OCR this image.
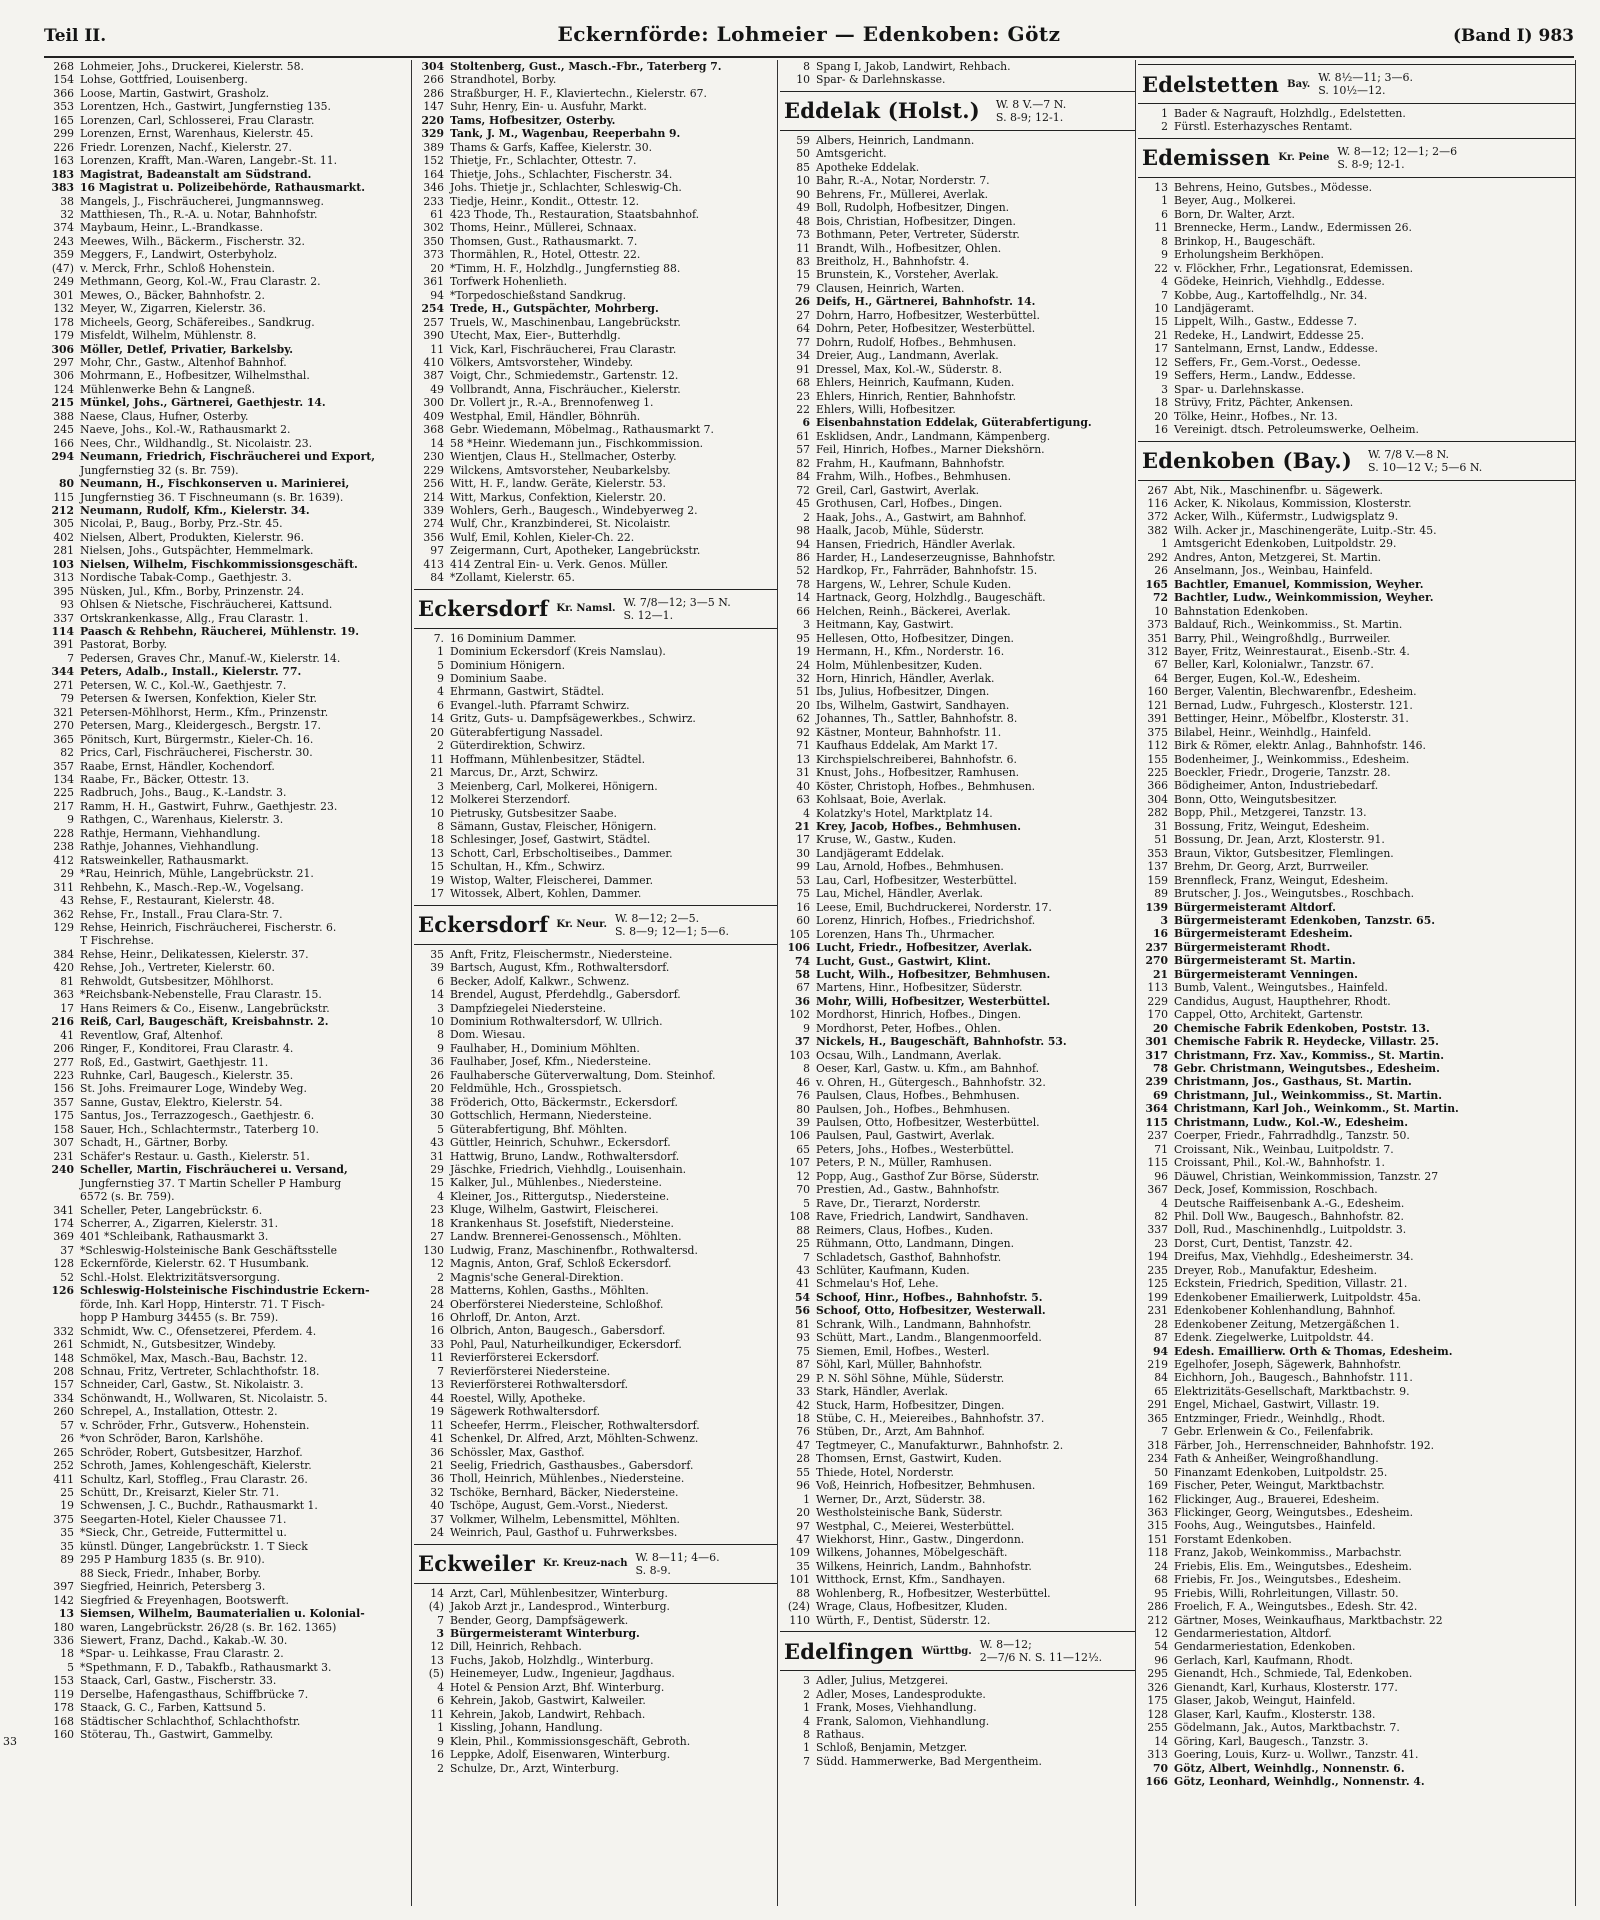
Teil II.	Eckernförde: Lohmeier — Edenkoben: Götz	(Band I) 983
268 Lohmeier, Johs., Druckerei, Kielerstr. 58.
154 Lohse, Gottfried, Louisenberg.
366 Loose, Martin, Gastwirt, Grasholz.
353 Lorentzen, Hch., Gastwirt, Jungfernstieg 135.
165 Lorenzen, Carl, Schlosserei, Frau Clarastr.
299 Lorenzen, Ernst, Warenhaus, Kielerstr. 45.
226 Friedr. Lorenzen, Nachf., Kielerstr. 27.
163 Lorenzen, Krafft, Man.-Waren, Langebr.-St. 11.
183 Magistrat, Badeanstalt am Südstrand.
383 16 Magistrat u. Polizeibehörde, Rathausmarkt.
38 Mangels, J., Fischräucherei, Jungmannsweg.
32 Matthiesen, Th., R.-A. u. Notar, Bahnhofstr.
374 Maybaum, Heinr., L.-Brandkasse.
243 Meewes, Wilh., Bäckerm., Fischerstr. 32.
359 Meggers, F., Landwirt, Osterbyholz.
(47) v. Merck, Frhr., Schloß Hohenstein.
249 Methmann, Georg, Kol.-W., Frau Clarastr. 2.
301 Mewes, O., Bäcker, Bahnhofstr. 2.
132 Meyer, W., Zigarren, Kielerstr. 36.
178 Micheels, Georg, Schäfereibes., Sandkrug.
179 Misfeldt, Wilhelm, Mühlenstr. 8.
306 Möller, Detlef, Privatier, Barkelsby.
297 Mohr, Chr., Gastw., Altenhof Bahnhof.
306 Mohrmann, E., Hofbesitzer, Wilhelmsthal.
124 Mühlenwerke Behn & Langneß.
215 Münkel, Johs., Gärtnerei, Gaethjestr. 14.
388 Naese, Claus, Hufner, Osterby.
245 Naeve, Johs., Kol.-W., Rathausmarkt 2.
166 Nees, Chr., Wildhandlg., St. Nicolaistr. 23.
294 Neumann, Friedrich, Fischräucherei und Export,
Jungfernstieg 32 (s. Br. 759).
80 Neumann, H., Fischkonserven u. Marinierei,
115 Jungfernstieg 36. T Fischneumann (s. Br. 1639).
212 Neumann, Rudolf, Kfm., Kielerstr. 34.
305 Nicolai, P., Baug., Borby, Prz.-Str. 45.
402 Nielsen, Albert, Produkten, Kielerstr. 96.
281 Nielsen, Johs., Gutspächter, Hemmelmark.
103 Nielsen, Wilhelm, Fischkommissionsgeschäft.
313 Nordische Tabak-Comp., Gaethjestr. 3.
395 Nüsken, Jul., Kfm., Borby, Prinzenstr. 24.
93 Ohlsen & Nietsche, Fischräucherei, Kattsund.
337 Ortskrankenkasse, Allg., Frau Clarastr. 1.
114 Paasch & Rehbehn, Räucherei, Mühlenstr. 19.
391 Pastorat, Borby.
7 Pedersen, Graves Chr., Manuf.-W., Kielerstr. 14.
344 Peters, Adalb., Install., Kielerstr. 77.
271 Petersen, W. C., Kol.-W., Gaethjestr. 7.
79 Petersen & Iwersen, Konfektion, Kieler Str.
321 Petersen-Möhlhorst, Herm., Kfm., Prinzenstr.
270 Petersen, Marg., Kleidergesch., Bergstr. 17.
365 Pönitsch, Kurt, Bürgermstr., Kieler-Ch. 16.
82 Prics, Carl, Fischräucherei, Fischerstr. 30.
357 Raabe, Ernst, Händler, Kochendorf.
134 Raabe, Fr., Bäcker, Ottestr. 13.
225 Radbruch, Johs., Baug., K.-Landstr. 3.
217 Ramm, H. H., Gastwirt, Fuhrw., Gaethjestr. 23.
9 Rathgen, C., Warenhaus, Kielerstr. 3.
228 Rathje, Hermann, Viehhandlung.
238 Rathje, Johannes, Viehhandlung.
412 Ratsweinkeller, Rathausmarkt.
29 *Rau, Heinrich, Mühle, Langebrückstr. 21.
311 Rehbehn, K., Masch.-Rep.-W., Vogelsang.
43 Rehse, F., Restaurant, Kielerstr. 48.
362 Rehse, Fr., Install., Frau Clara-Str. 7.
129 Rehse, Heinrich, Fischräucherei, Fischerstr. 6.
T Fischrehse.
384 Rehse, Heinr., Delikatessen, Kielerstr. 37.
420 Rehse, Joh., Vertreter, Kielerstr. 60.
81 Rehwoldt, Gutsbesitzer, Möhlhorst.
363 *Reichsbank-Nebenstelle, Frau Clarastr. 15.
17 Hans Reimers & Co., Eisenw., Langebrückstr.
216 Reiß, Carl, Baugeschäft, Kreisbahnstr. 2.
41 Reventlow, Graf, Altenhof.
206 Ringer, F., Konditorei, Frau Clarastr. 4.
277 Roß, Ed., Gastwirt, Gaethjestr. 11.
223 Ruhnke, Carl, Baugesch., Kielerstr. 35.
156 St. Johs. Freimaurer Loge, Windeby Weg.
357 Sanne, Gustav, Elektro, Kielerstr. 54.
175 Santus, Jos., Terrazzogesch., Gaethjestr. 6.
158 Sauer, Hch., Schlachtermstr., Taterberg 10.
307 Schadt, H., Gärtner, Borby.
231 Schäfer's Restaur. u. Gasth., Kielerstr. 51.
240 Scheller, Martin, Fischräucherei u. Versand,
Jungfernstieg 37. T Martin Scheller P Hamburg
6572 (s. Br. 759).
341 Scheller, Peter, Langebrückstr. 6.
174 Scherrer, A., Zigarren, Kielerstr. 31.
369 401 *Schleibank, Rathausmarkt 3.
37 *Schleswig-Holsteinische Bank Geschäftsstelle
128 Eckernförde, Kielerstr. 62. T Husumbank.
52 Schl.-Holst. Elektrizitätsversorgung.
126 Schleswig-Holsteinische Fischindustrie Eckern-
förde, Inh. Karl Hopp, Hinterstr. 71. T Fisch-
hopp P Hamburg 34455 (s. Br. 759).
332 Schmidt, Ww. C., Ofensetzerei, Pferdem. 4.
261 Schmidt, N., Gutsbesitzer, Windeby.
148 Schmökel, Max, Masch.-Bau, Bachstr. 12.
208 Schnau, Fritz, Vertreter, Schlachthofstr. 18.
157 Schneider, Carl, Gastw., St. Nikolaistr. 3.
334 Schönwandt, H., Wollwaren, St. Nicolaistr. 5.
260 Schrepel, A., Installation, Ottestr. 2.
57 v. Schröder, Frhr., Gutsverw., Hohenstein.
26 *von Schröder, Baron, Karlshöhe.
265 Schröder, Robert, Gutsbesitzer, Harzhof.
252 Schroth, James, Kohlengeschäft, Kielerstr.
411 Schultz, Karl, Stoffleg., Frau Clarastr. 26.
25 Schütt, Dr., Kreisarzt, Kieler Str. 71.
19 Schwensen, J. C., Buchdr., Rathausmarkt 1.
375 Seegarten-Hotel, Kieler Chaussee 71.
35 *Sieck, Chr., Getreide, Futtermittel u.
35 künstl. Dünger, Langebrückstr. 1. T Sieck
89 295 P Hamburg 1835 (s. Br. 910).
88 Sieck, Friedr., Inhaber, Borby.
397 Siegfried, Heinrich, Petersberg 3.
142 Siegfried & Freyenhagen, Bootswerft.
13 Siemsen, Wilhelm, Baumaterialien u. Kolonial-
180 waren, Langebrückstr. 26/28 (s. Br. 162. 1365)
336 Siewert, Franz, Dachd., Kakab.-W. 30.
18 *Spar- u. Leihkasse, Frau Clarastr. 2.
5 *Spethmann, F. D., Tabakfb., Rathausmarkt 3.
153 Staack, Carl, Gastw., Fischerstr. 33.
119 Derselbe, Hafengasthaus, Schiffbrücke 7.
178 Staack, G. C., Farben, Kattsund 5.
168 Städtischer Schlachthof, Schlachthofstr.
160 Stöterau, Th., Gastwirt, Gammelby.
304 Stoltenberg, Gust., Masch.-Fbr., Taterberg 7.
266 Strandhotel, Borby.
286 Straßburger, H. F., Klaviertechn., Kielerstr. 67.
147 Suhr, Henry, Ein- u. Ausfuhr, Markt.
220 Tams, Hofbesitzer, Osterby.
329 Tank, J. M., Wagenbau, Reeperbahn 9.
389 Thams & Garfs, Kaffee, Kielerstr. 30.
152 Thietje, Fr., Schlachter, Ottestr. 7.
164 Thietje, Johs., Schlachter, Fischerstr. 34.
346 Johs. Thietje jr., Schlachter, Schleswig-Ch.
233 Tiedje, Heinr., Kondit., Ottestr. 12.
61 423 Thode, Th., Restauration, Staatsbahnhof.
302 Thoms, Heinr., Müllerei, Schnaax.
350 Thomsen, Gust., Rathausmarkt. 7.
373 Thormählen, R., Hotel, Ottestr. 22.
20 *Timm, H. F., Holzhdlg., Jungfernstieg 88.
361 Torfwerk Hohenlieth.
94 *Torpedoschießstand Sandkrug.
254 Trede, H., Gutspächter, Mohrberg.
257 Truels, W., Maschinenbau, Langebrückstr.
390 Utecht, Max, Eier-, Butterhdlg.
11 Vick, Karl, Fischräucherei, Frau Clarastr.
410 Völkers, Amtsvorsteher, Windeby.
387 Voigt, Chr., Schmiedemstr., Gartenstr. 12.
49 Vollbrandt, Anna, Fischräucher., Kielerstr.
300 Dr. Vollert jr., R.-A., Brennofenweg 1.
409 Westphal, Emil, Händler, Böhnrüh.
368 Gebr. Wiedemann, Möbelmag., Rathausmarkt 7.
14 58 *Heinr. Wiedemann jun., Fischkommission.
230 Wientjen, Claus H., Stellmacher, Osterby.
229 Wilckens, Amtsvorsteher, Neubarkelsby.
256 Witt, H. F., landw. Geräte, Kielerstr. 53.
214 Witt, Markus, Confektion, Kielerstr. 20.
339 Wohlers, Gerh., Baugesch., Windebyerweg 2.
274 Wulf, Chr., Kranzbinderei, St. Nicolaistr.
356 Wulf, Emil, Kohlen, Kieler-Ch. 22.
97 Zeigermann, Curt, Apotheker, Langebrückstr.
413 414 Zentral Ein- u. Verk. Genos. Müller.
84 *Zollamt, Kielerstr. 65.
Eckersdorf Kr. Namsl. W. 7/8—12; 3—5 N.
S. 12—1.
7. 16 Dominium Dammer.
1 Dominium Eckersdorf (Kreis Namslau).
5 Dominium Hönigern.
9 Dominium Saabe.
4 Ehrmann, Gastwirt, Städtel.
6 Evangel.-luth. Pfarramt Schwirz.
14 Gritz, Guts- u. Dampfsägewerkbes., Schwirz.
20 Güterabfertigung Nassadel.
2 Güterdirektion, Schwirz.
11 Hoffmann, Mühlenbesitzer, Städtel.
21 Marcus, Dr., Arzt, Schwirz.
3 Meienberg, Carl, Molkerei, Hönigern.
12 Molkerei Sterzendorf.
10 Pietrusky, Gutsbesitzer Saabe.
8 Sämann, Gustav, Fleischer, Hönigern.
18 Schlesinger, Josef, Gastwirt, Städtel.
13 Schott, Carl, Erbscholtiseibes., Dammer.
15 Schultan, H., Kfm., Schwirz.
19 Wistop, Walter, Fleischerei, Dammer.
17 Witossek, Albert, Kohlen, Dammer.
Eckersdorf Kr. Neur. W. 8—12; 2—5.
S. 8—9; 12—1; 5—6.
35 Anft, Fritz, Fleischermstr., Niedersteine.
39 Bartsch, August, Kfm., Rothwaltersdorf.
6 Becker, Adolf, Kalkwr., Schwenz.
14 Brendel, August, Pferdehdlg., Gabersdorf.
3 Dampfziegelei Niedersteine.
10 Dominium Rothwaltersdorf, W. Ullrich.
8 Dom. Wiesau.
9 Faulhaber, H., Dominium Möhlten.
36 Faulhaber, Josef, Kfm., Niedersteine.
26 Faulhabersche Güterverwaltung, Dom. Steinhof.
20 Feldmühle, Hch., Grosspietsch.
38 Fröderich, Otto, Bäckermstr., Eckersdorf.
30 Gottschlich, Hermann, Niedersteine.
5 Güterabfertigung, Bhf. Möhlten.
43 Güttler, Heinrich, Schuhwr., Eckersdorf.
31 Hattwig, Bruno, Landw., Rothwaltersdorf.
29 Jäschke, Friedrich, Viehhdlg., Louisenhain.
15 Kalker, Jul., Mühlenbes., Niedersteine.
4 Kleiner, Jos., Rittergutsp., Niedersteine.
23 Kluge, Wilhelm, Gastwirt, Fleischerei.
18 Krankenhaus St. Josefstift, Niedersteine.
27 Landw. Brennerei-Genossensch., Möhlten.
130 Ludwig, Franz, Maschinenfbr., Rothwaltersd.
12 Magnis, Anton, Graf, Schloß Eckersdorf.
2 Magnis'sche General-Direktion.
28 Matterns, Kohlen, Gasths., Möhlten.
24 Oberförsterei Niedersteine, Schloßhof.
16 Ohrloff, Dr. Anton, Arzt.
16 Olbrich, Anton, Baugesch., Gabersdorf.
33 Pohl, Paul, Naturheilkundiger, Eckersdorf.
11 Revierförsterei Eckersdorf.
7 Revierförsterei Niedersteine.
13 Revierförsterei Rothwaltersdorf.
44 Roestel, Willy, Apotheke.
19 Sägewerk Rothwaltersdorf.
11 Scheefer, Herrm., Fleischer, Rothwaltersdorf.
41 Schenkel, Dr. Alfred, Arzt, Möhlten-Schwenz.
36 Schössler, Max, Gasthof.
21 Seelig, Friedrich, Gasthausbes., Gabersdorf.
36 Tholl, Heinrich, Mühlenbes., Niedersteine.
32 Tschöke, Bernhard, Bäcker, Niedersteine.
40 Tschöpe, August, Gem.-Vorst., Niederst.
37 Volkmer, Wilhelm, Lebensmittel, Möhlten.
24 Weinrich, Paul, Gasthof u. Fuhrwerksbes.
Eckweiler Kr. Kreuz-nach W. 8—11; 4—6.
S. 8-9.
14 Arzt, Carl, Mühlenbesitzer, Winterburg.
(4) Jakob Arzt jr., Landesprod., Winterburg.
7 Bender, Georg, Dampfsägewerk.
3 Bürgermeisteramt Winterburg.
12 Dill, Heinrich, Rehbach.
13 Fuchs, Jakob, Holzhdlg., Winterburg.
(5) Heinemeyer, Ludw., Ingenieur, Jagdhaus.
4 Hotel & Pension Arzt, Bhf. Winterburg.
6 Kehrein, Jakob, Gastwirt, Kalweiler.
11 Kehrein, Jakob, Landwirt, Rehbach.
1 Kissling, Johann, Handlung.
9 Klein, Phil., Kommissionsgeschäft, Gebroth.
16 Leppke, Adolf, Eisenwaren, Winterburg.
2 Schulze, Dr., Arzt, Winterburg.
8 Spang I, Jakob, Landwirt, Rehbach.
10 Spar- & Darlehnskasse.
Eddelak (Holst.) W. 8 V.—7 N.
S. 8-9; 12-1.
59 Albers, Heinrich, Landmann.
50 Amtsgericht.
85 Apotheke Eddelak.
10 Bahr, R.-A., Notar, Norderstr. 7.
90 Behrens, Fr., Müllerei, Averlak.
49 Boll, Rudolph, Hofbesitzer, Dingen.
48 Bois, Christian, Hofbesitzer, Dingen.
73 Bothmann, Peter, Vertreter, Süderstr.
11 Brandt, Wilh., Hofbesitzer, Ohlen.
83 Breitholz, H., Bahnhofstr. 4.
15 Brunstein, K., Vorsteher, Averlak.
79 Clausen, Heinrich, Warten.
26 Deifs, H., Gärtnerei, Bahnhofstr. 14.
27 Dohrn, Harro, Hofbesitzer, Westerbüttel.
64 Dohrn, Peter, Hofbesitzer, Westerbüttel.
77 Dohrn, Rudolf, Hofbes., Behmhusen.
34 Dreier, Aug., Landmann, Averlak.
91 Dressel, Max, Kol.-W., Süderstr. 8.
68 Ehlers, Heinrich, Kaufmann, Kuden.
23 Ehlers, Hinrich, Rentier, Bahnhofstr.
22 Ehlers, Willi, Hofbesitzer.
6 Eisenbahnstation Eddelak, Güterabfertigung.
61 Esklidsen, Andr., Landmann, Kämpenberg.
57 Feil, Hinrich, Hofbes., Marner Diekshörn.
82 Frahm, H., Kaufmann, Bahnhofstr.
84 Frahm, Wilh., Hofbes., Behmhusen.
72 Greil, Carl, Gastwirt, Averlak.
45 Grothusen, Carl, Hofbes., Dingen.
2 Haak, Johs., A., Gastwirt, am Bahnhof.
98 Haalk, Jacob, Mühle, Süderstr.
94 Hansen, Friedrich, Händler Averlak.
86 Harder, H., Landeserzeugnisse, Bahnhofstr.
52 Hardkop, Fr., Fahrräder, Bahnhofstr. 15.
78 Hargens, W., Lehrer, Schule Kuden.
14 Hartnack, Georg, Holzhdlg., Baugeschäft.
66 Helchen, Reinh., Bäckerei, Averlak.
3 Heitmann, Kay, Gastwirt.
95 Hellesen, Otto, Hofbesitzer, Dingen.
19 Hermann, H., Kfm., Norderstr. 16.
24 Holm, Mühlenbesitzer, Kuden.
32 Horn, Hinrich, Händler, Averlak.
51 Ibs, Julius, Hofbesitzer, Dingen.
20 Ibs, Wilhelm, Gastwirt, Sandhayen.
62 Johannes, Th., Sattler, Bahnhofstr. 8.
92 Kästner, Monteur, Bahnhofstr. 11.
71 Kaufhaus Eddelak, Am Markt 17.
13 Kirchspielschreiberei, Bahnhofstr. 6.
31 Knust, Johs., Hofbesitzer, Ramhusen.
40 Köster, Christoph, Hofbes., Behmhusen.
63 Kohlsaat, Boie, Averlak.
4 Kolatzky's Hotel, Marktplatz 14.
21 Krey, Jacob, Hofbes., Behmhusen.
17 Kruse, W., Gastw., Kuden.
30 Landjägeramt Eddelak.
99 Lau, Arnold, Hofbes., Behmhusen.
53 Lau, Carl, Hofbesitzer, Westerbüttel.
75 Lau, Michel, Händler, Averlak.
16 Leese, Emil, Buchdruckerei, Norderstr. 17.
60 Lorenz, Hinrich, Hofbes., Friedrichshof.
105 Lorenzen, Hans Th., Uhrmacher.
106 Lucht, Friedr., Hofbesitzer, Averlak.
74 Lucht, Gust., Gastwirt, Klint.
58 Lucht, Wilh., Hofbesitzer, Behmhusen.
67 Martens, Hinr., Hofbesitzer, Süderstr.
36 Mohr, Willi, Hofbesitzer, Westerbüttel.
102 Mordhorst, Hinrich, Hofbes., Dingen.
9 Mordhorst, Peter, Hofbes., Ohlen.
37 Nickels, H., Baugeschäft, Bahnhofstr. 53.
103 Ocsau, Wilh., Landmann, Averlak.
8 Oeser, Karl, Gastw. u. Kfm., am Bahnhof.
46 v. Ohren, H., Gütergesch., Bahnhofstr. 32.
76 Paulsen, Claus, Hofbes., Behmhusen.
80 Paulsen, Joh., Hofbes., Behmhusen.
39 Paulsen, Otto, Hofbesitzer, Westerbüttel.
106 Paulsen, Paul, Gastwirt, Averlak.
65 Peters, Johs., Hofbes., Westerbüttel.
107 Peters, P. N., Müller, Ramhusen.
12 Popp, Aug., Gasthof Zur Börse, Süderstr.
70 Prestien, Ad., Gastw., Bahnhofstr.
5 Rave, Dr., Tierarzt, Norderstr.
108 Rave, Friedrich, Landwirt, Sandhaven.
88 Reimers, Claus, Hofbes., Kuden.
25 Rühmann, Otto, Landmann, Dingen.
7 Schladetsch, Gasthof, Bahnhofstr.
43 Schlüter, Kaufmann, Kuden.
41 Schmelau's Hof, Lehe.
54 Schoof, Hinr., Hofbes., Bahnhofstr. 5.
56 Schoof, Otto, Hofbesitzer, Westerwall.
81 Schrank, Wilh., Landmann, Bahnhofstr.
93 Schütt, Mart., Landm., Blangenmoorfeld.
75 Siemen, Emil, Hofbes., Westerl.
87 Söhl, Karl, Müller, Bahnhofstr.
29 P. N. Söhl Söhne, Mühle, Süderstr.
33 Stark, Händler, Averlak.
42 Stuck, Harm, Hofbesitzer, Dingen.
18 Stübe, C. H., Meiereibes., Bahnhofstr. 37.
76 Stüben, Dr., Arzt, Am Bahnhof.
47 Tegtmeyer, C., Manufakturwr., Bahnhofstr. 2.
28 Thomsen, Ernst, Gastwirt, Kuden.
55 Thiede, Hotel, Norderstr.
96 Voß, Heinrich, Hofbesitzer, Behmhusen.
1 Werner, Dr., Arzt, Süderstr. 38.
20 Westholsteinische Bank, Süderstr.
97 Westphal, C., Meierei, Westerbüttel.
47 Wiekhorst, Hinr., Gastw., Dingerdonn.
109 Wilkens, Johannes, Möbelgeschäft.
35 Wilkens, Heinrich, Landm., Bahnhofstr.
101 Witthock, Ernst, Kfm., Sandhayen.
88 Wohlenberg, R., Hofbesitzer, Westerbüttel.
(24) Wrage, Claus, Hofbesitzer, Kluden.
110 Würth, F., Dentist, Süderstr. 12.
Edelfingen Württbg. W. 8—12;
2—7/6 N. S. 11—12½.
3 Adler, Julius, Metzgerei.
2 Adler, Moses, Landesprodukte.
1 Frank, Moses, Viehhandlung.
4 Frank, Salomon, Viehhandlung.
8 Rathaus.
1 Schloß, Benjamin, Metzger.
7 Südd. Hammerwerke, Bad Mergentheim.
Edelstetten Bay. W. 8½—11; 3—6.
S. 10½—12.
1 Bader & Nagrauft, Holzhdlg., Edelstetten.
2 Fürstl. Esterhazysches Rentamt.
Edemissen Kr. Peine W. 8—12; 12—1; 2—6
S. 8-9; 12-1.
13 Behrens, Heino, Gutsbes., Mödesse.
1 Beyer, Aug., Molkerei.
6 Born, Dr. Walter, Arzt.
11 Brennecke, Herm., Landw., Edermissen 26.
8 Brinkop, H., Baugeschäft.
9 Erholungsheim Berkhöpen.
22 v. Flöckher, Frhr., Legationsrat, Edemissen.
4 Gödeke, Heinrich, Viehhdlg., Eddesse.
7 Kobbe, Aug., Kartoffelhdlg., Nr. 34.
10 Landjägeramt.
15 Lippelt, Wilh., Gastw., Eddesse 7.
21 Redeke, H., Landwirt, Eddesse 25.
17 Santelmann, Ernst, Landw., Eddesse.
12 Seffers, Fr., Gem.-Vorst., Oedesse.
19 Seffers, Herm., Landw., Eddesse.
3 Spar- u. Darlehnskasse.
18 Strüvy, Fritz, Pächter, Ankensen.
20 Tölke, Heinr., Hofbes., Nr. 13.
16 Vereinigt. dtsch. Petroleumswerke, Oelheim.
Edenkoben (Bay.) W. 7/8 V.—8 N.
S. 10—12 V.; 5—6 N.
267 Abt, Nik., Maschinenfbr. u. Sägewerk.
116 Acker, K. Nikolaus, Kommission, Klosterstr.
372 Acker, Wilh., Küfermstr., Ludwigsplatz 9.
382 Wilh. Acker jr., Maschinengeräte, Luitp.-Str. 45.
1 Amtsgericht Edenkoben, Luitpoldstr. 29.
292 Andres, Anton, Metzgerei, St. Martin.
26 Anselmann, Jos., Weinbau, Hainfeld.
165 Bachtler, Emanuel, Kommission, Weyher.
72 Bachtler, Ludw., Weinkommission, Weyher.
10 Bahnstation Edenkoben.
373 Baldauf, Rich., Weinkommiss., St. Martin.
351 Barry, Phil., Weingroßhdlg., Burrweiler.
312 Bayer, Fritz, Weinrestaurat., Eisenb.-Str. 4.
67 Beller, Karl, Kolonialwr., Tanzstr. 67.
64 Berger, Eugen, Kol.-W., Edesheim.
160 Berger, Valentin, Blechwarenfbr., Edesheim.
121 Bernad, Ludw., Fuhrgesch., Klosterstr. 121.
391 Bettinger, Heinr., Möbelfbr., Klosterstr. 31.
375 Bilabel, Heinr., Weinhdlg., Hainfeld.
112 Birk & Römer, elektr. Anlag., Bahnhofstr. 146.
155 Bodenheimer, J., Weinkommiss., Edesheim.
225 Boeckler, Friedr., Drogerie, Tanzstr. 28.
366 Bödigheimer, Anton, Industriebedarf.
304 Bonn, Otto, Weingutsbesitzer.
282 Bopp, Phil., Metzgerei, Tanzstr. 13.
31 Bossung, Fritz, Weingut, Edesheim.
51 Bossung, Dr. Jean, Arzt, Klosterstr. 91.
353 Braun, Viktor, Gutsbesitzer, Flemlingen.
137 Brehm, Dr. Georg, Arzt, Burrweiler.
159 Brennfleck, Franz, Weingut, Edesheim.
89 Brutscher, J. Jos., Weingutsbes., Roschbach.
139 Bürgermeisteramt Altdorf.
3 Bürgermeisteramt Edenkoben, Tanzstr. 65.
16 Bürgermeisteramt Edesheim.
237 Bürgermeisteramt Rhodt.
270 Bürgermeisteramt St. Martin.
21 Bürgermeisteramt Venningen.
113 Bumb, Valent., Weingutsbes., Hainfeld.
229 Candidus, August, Haupthehrer, Rhodt.
170 Cappel, Otto, Architekt, Gartenstr.
20 Chemische Fabrik Edenkoben, Poststr. 13.
301 Chemische Fabrik R. Heydecke, Villastr. 25.
317 Christmann, Frz. Xav., Kommiss., St. Martin.
78 Gebr. Christmann, Weingutsbes., Edesheim.
239 Christmann, Jos., Gasthaus, St. Martin.
69 Christmann, Jul., Weinkommiss., St. Martin.
364 Christmann, Karl Joh., Weinkomm., St. Martin.
115 Christmann, Ludw., Kol.-W., Edesheim.
237 Coerper, Friedr., Fahrradhdlg., Tanzstr. 50.
71 Croissant, Nik., Weinbau, Luitpoldstr. 7.
115 Croissant, Phil., Kol.-W., Bahnhofstr. 1.
96 Däuwel, Christian, Weinkommission, Tanzstr. 27
367 Deck, Josef, Kommission, Roschbach.
4 Deutsche Raiffeisenbank A.-G., Edesheim.
82 Phil. Doll Ww., Baugesch., Bahnhofstr. 82.
337 Doll, Rud., Maschinenhdlg., Luitpoldstr. 3.
23 Dorst, Curt, Dentist, Tanzstr. 42.
194 Dreifus, Max, Viehhdlg., Edesheimerstr. 34.
235 Dreyer, Rob., Manufaktur, Edesheim.
125 Eckstein, Friedrich, Spedition, Villastr. 21.
199 Edenkobener Emailierwerk, Luitpoldstr. 45a.
231 Edenkobener Kohlenhandlung, Bahnhof.
28 Edenkobener Zeitung, Metzergäßchen 1.
87 Edenk. Ziegelwerke, Luitpoldstr. 44.
94 Edesh. Emaillierw. Orth & Thomas, Edesheim.
219 Egelhofer, Joseph, Sägewerk, Bahnhofstr.
84 Eichhorn, Joh., Baugesch., Bahnhofstr. 111.
65 Elektrizitäts-Gesellschaft, Marktbachstr. 9.
291 Engel, Michael, Gastwirt, Villastr. 19.
365 Entzminger, Friedr., Weinhdlg., Rhodt.
7 Gebr. Erlenwein & Co., Feilenfabrik.
318 Färber, Joh., Herrenschneider, Bahnhofstr. 192.
234 Fath & Anheißer, Weingroßhandlung.
50 Finanzamt Edenkoben, Luitpoldstr. 25.
169 Fischer, Peter, Weingut, Marktbachstr.
162 Flickinger, Aug., Brauerei, Edesheim.
363 Flickinger, Georg, Weingutsbes., Edesheim.
315 Foohs, Aug., Weingutsbes., Hainfeld.
151 Forstamt Edenkoben.
118 Franz, Jakob, Weinkommiss., Marbachstr.
24 Friebis, Elis. Em., Weingutsbes., Edesheim.
68 Friebis, Fr. Jos., Weingutsbes., Edesheim.
95 Friebis, Willi, Rohrleitungen, Villastr. 50.
286 Froelich, F. A., Weingutsbes., Edesh. Str. 42.
212 Gärtner, Moses, Weinkaufhaus, Marktbachstr. 22
12 Gendarmeriestation, Altdorf.
54 Gendarmeriestation, Edenkoben.
96 Gerlach, Karl, Kaufmann, Rhodt.
295 Gienandt, Hch., Schmiede, Tal, Edenkoben.
326 Gienandt, Karl, Kurhaus, Klosterstr. 177.
175 Glaser, Jakob, Weingut, Hainfeld.
128 Glaser, Karl, Kaufm., Klosterstr. 138.
255 Gödelmann, Jak., Autos, Marktbachstr. 7.
14 Göring, Karl, Baugesch., Tanzstr. 3.
313 Goering, Louis, Kurz- u. Wollwr., Tanzstr. 41.
70 Götz, Albert, Weinhdlg., Nonnenstr. 6.
166 Götz, Leonhard, Weinhdlg., Nonnenstr. 4.
33
